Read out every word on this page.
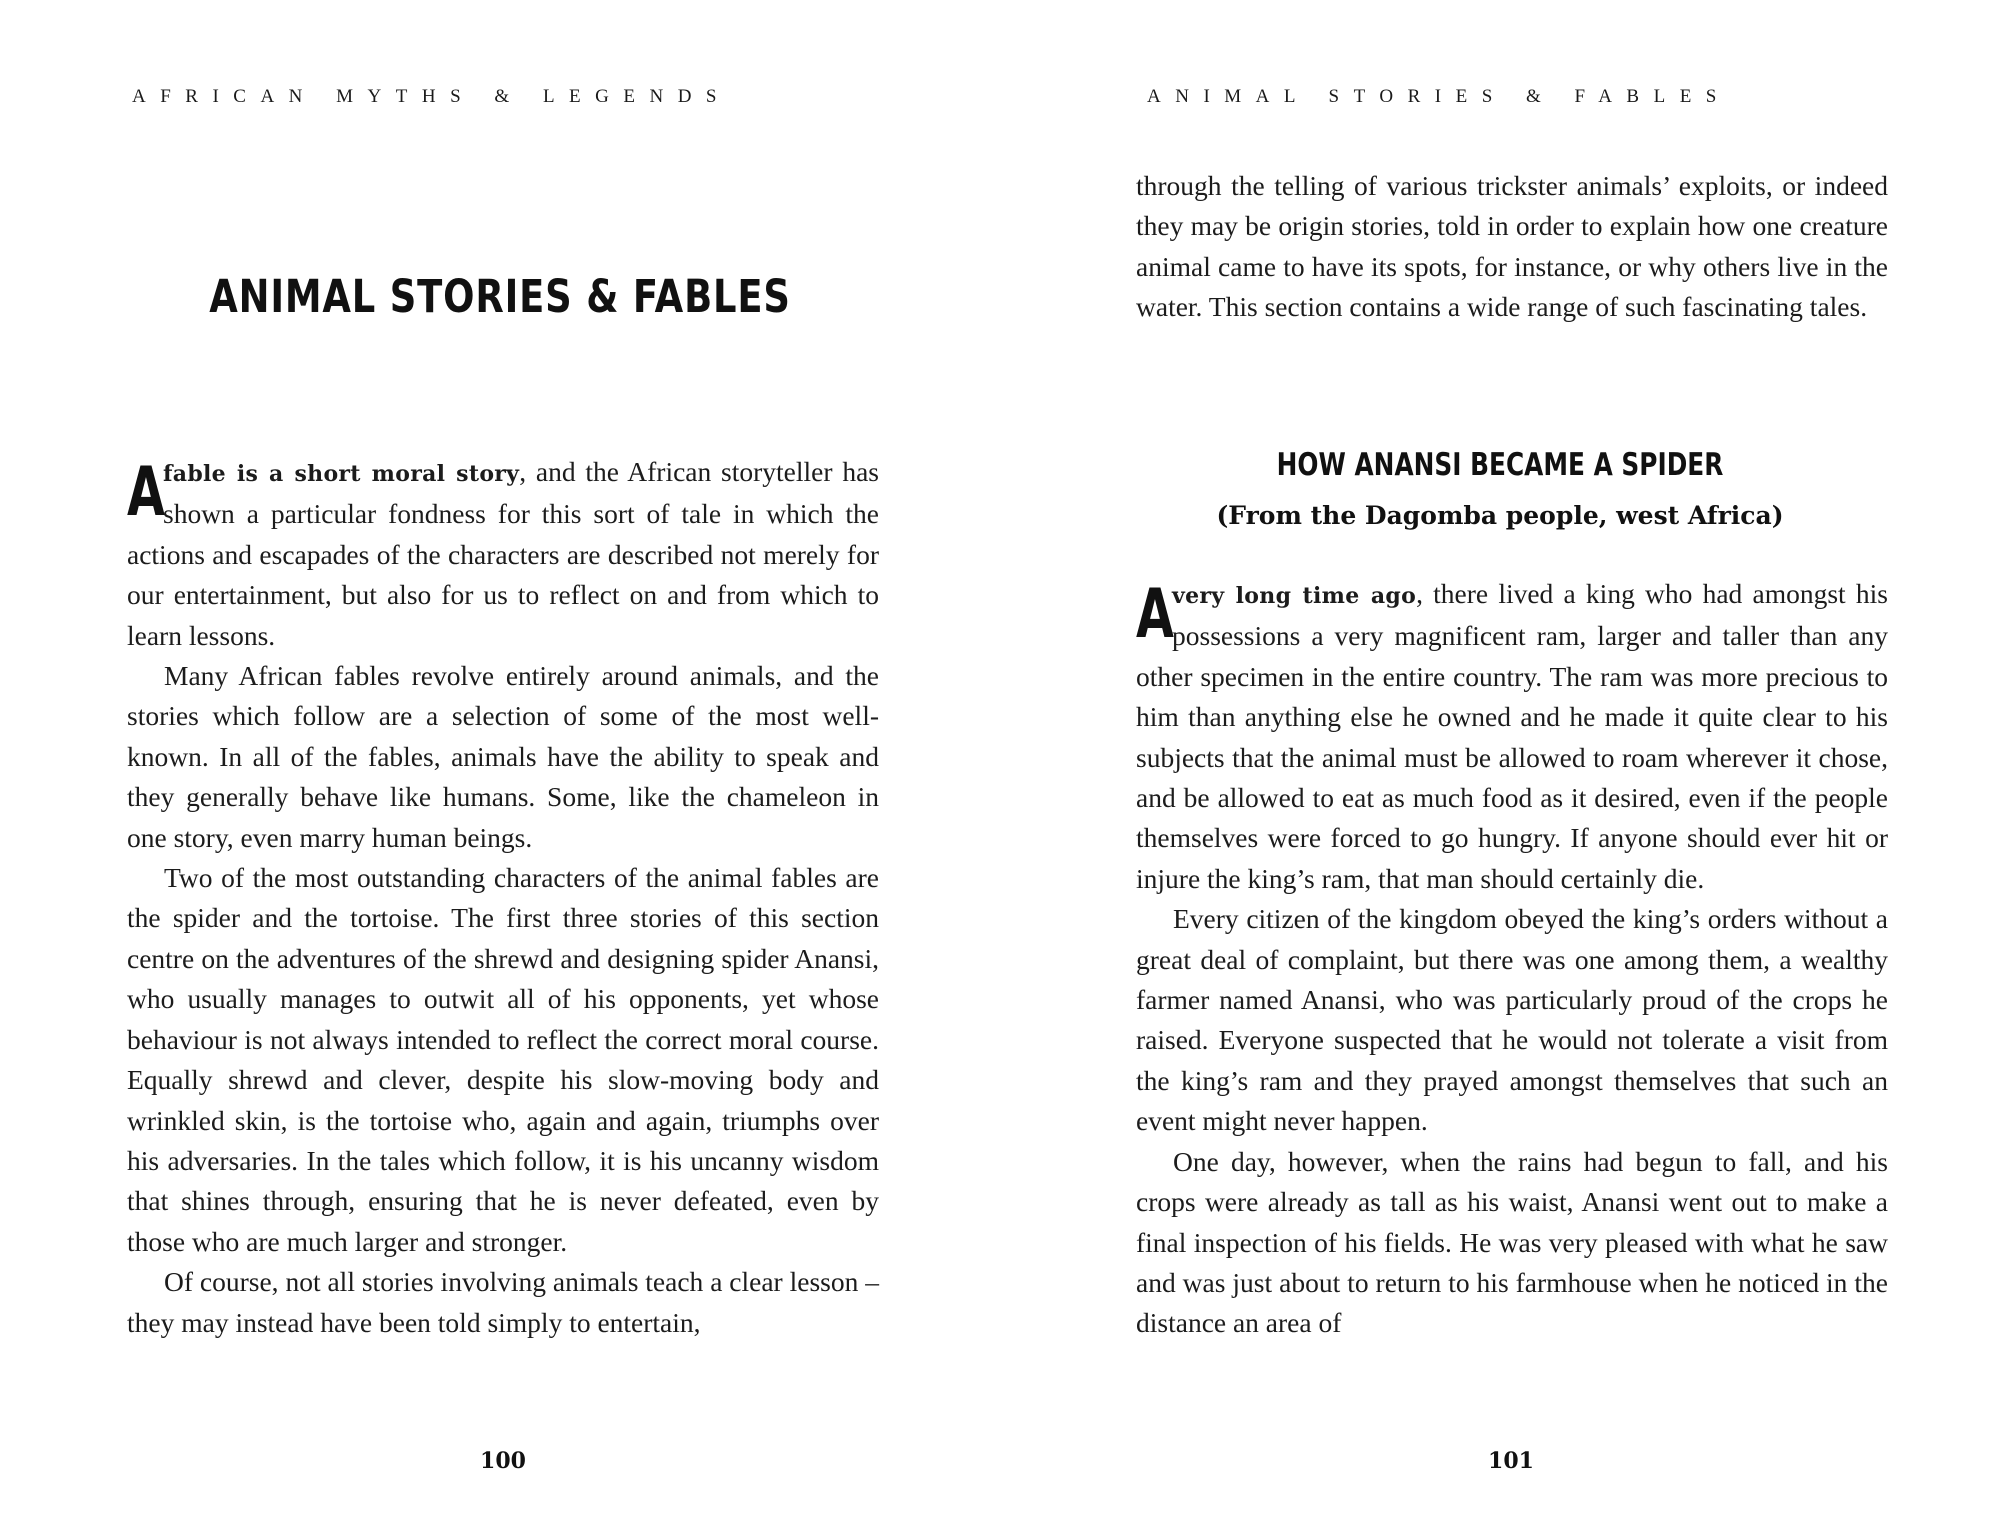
AFRICAN MYTHS & LEGENDS
ANIMAL STORIES & FABLES

A
fable is a short moral story, and the African storyteller has shown a particular fondness for this sort of tale in which the actions and escapades of the characters are described not merely for our entertainment, but also for us to reflect on and from which to learn lessons.

Many African fables revolve entirely around animals, and the stories which follow are a selection of some of the most well-known. In all of the fables, animals have the ability to speak and they generally behave like humans. Some, like the chameleon in one story, even marry human beings.

Two of the most outstanding characters of the animal fables are the spider and the tortoise. The first three stories of this section centre on the adventures of the shrewd and designing spider Anansi, who usually manages to outwit all of his opponents, yet whose behaviour is not always intended to reflect the correct moral course. Equally shrewd and clever, despite his slow-moving body and wrinkled skin, is the tortoise who, again and again, triumphs over his adversaries. In the tales which follow, it is his uncanny wisdom that shines through, ensuring that he is never defeated, even by those who are much larger and stronger.

Of course, not all stories involving animals teach a clear lesson – they may instead have been told simply to entertain,

100
ANIMAL STORIES & FABLES

through the telling of various trickster animals’ exploits, or indeed they may be origin stories, told in order to explain how one creature animal came to have its spots, for instance, or why others live in the water. This section contains a wide range of such fascinating tales.

HOW ANANSI BECAME A SPIDER
(From the Dagomba people, west Africa)

A
very long time ago, there lived a king who had amongst his possessions a very magnificent ram, larger and taller than any other specimen in the entire country. The ram was more precious to him than anything else he owned and he made it quite clear to his subjects that the animal must be allowed to roam wherever it chose, and be allowed to eat as much food as it desired, even if the people themselves were forced to go hungry. If anyone should ever hit or injure the king’s ram, that man should certainly die.

Every citizen of the kingdom obeyed the king’s orders without a great deal of complaint, but there was one among them, a wealthy farmer named Anansi, who was particularly proud of the crops he raised. Everyone suspected that he would not tolerate a visit from the king’s ram and they prayed amongst themselves that such an event might never happen.

One day, however, when the rains had begun to fall, and his crops were already as tall as his waist, Anansi went out to make a final inspection of his fields. He was very pleased with what he saw and was just about to return to his farmhouse when he noticed in the distance an area of

101
